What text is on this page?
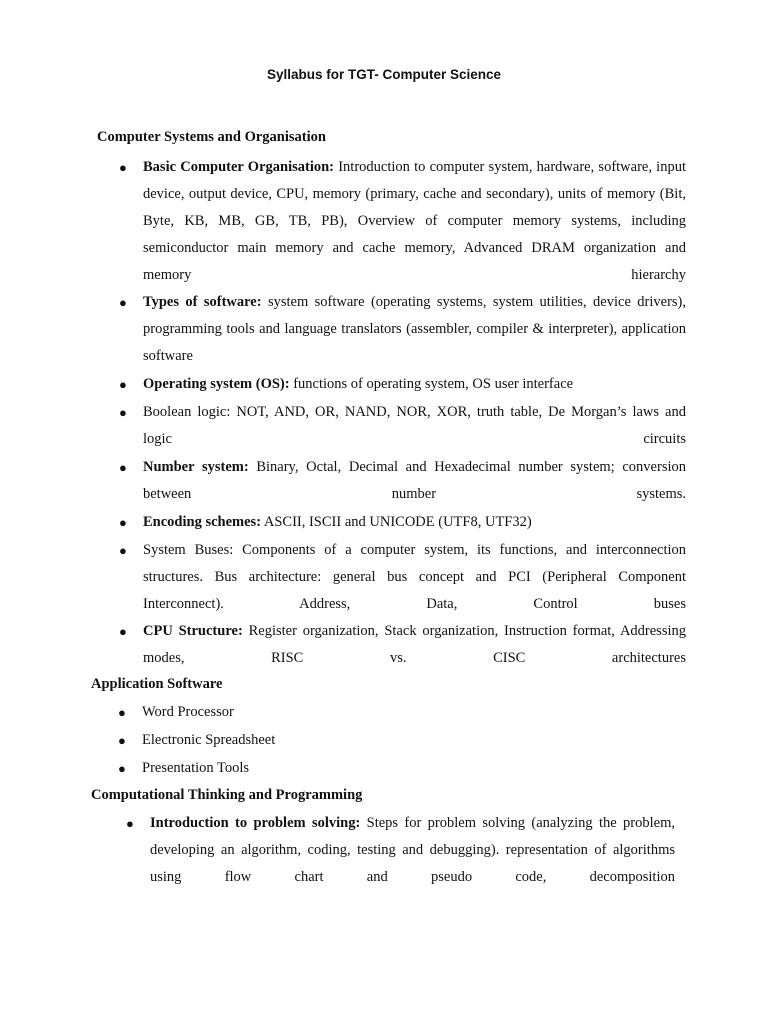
Syllabus for TGT- Computer Science
Computer Systems and Organisation
● Basic Computer Organisation: Introduction to computer system, hardware, software, input device, output device, CPU, memory (primary, cache and secondary), units of memory (Bit, Byte, KB, MB, GB, TB, PB), Overview of computer memory systems, including semiconductor main memory and cache memory, Advanced DRAM organization and memory hierarchy
● Types of software: system software (operating systems, system utilities, device drivers), programming tools and language translators (assembler, compiler & interpreter), application software
● Operating system (OS): functions of operating system, OS user interface
● Boolean logic: NOT, AND, OR, NAND, NOR, XOR, truth table, De Morgan’s laws and logic circuits
● Number system: Binary, Octal, Decimal and Hexadecimal number system; conversion between number systems.
● Encoding schemes: ASCII, ISCII and UNICODE (UTF8, UTF32)
● System Buses: Components of a computer system, its functions, and interconnection structures. Bus architecture: general bus concept and PCI (Peripheral Component Interconnect). Address, Data, Control buses
● CPU Structure: Register organization, Stack organization, Instruction format, Addressing modes, RISC vs. CISC architectures
Application Software
● Word Processor
● Electronic Spreadsheet
● Presentation Tools
Computational Thinking and Programming
● Introduction to problem solving: Steps for problem solving (analyzing the problem, developing an algorithm, coding, testing and debugging). representation of algorithms using flow chart and pseudo code, decomposition
